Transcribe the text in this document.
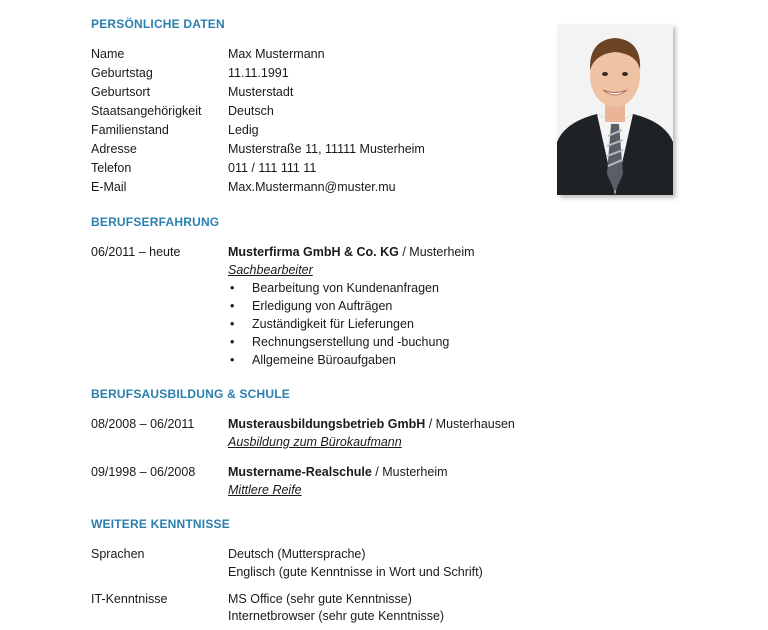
PERSÖNLICHE DATEN
Name	Max Mustermann
Geburtstag	11.11.1991
Geburtsort	Musterstadt
Staatsangehörigkeit Deutsch
Familienstand	Ledig
Adresse	Musterstraße 11, 11111 Musterheim
Telefon	011 / 111 111 11
E-Mail	Max.Mustermann@muster.mu
BERUFSERFAHRUNG
06/2011 – heute	Musterfirma GmbH & Co. KG / Musterheim
Sachbearbeiter
• Bearbeitung von Kundenanfragen
• Erledigung von Aufträgen
• Zuständigkeit für Lieferungen
• Rechnungserstellung und -buchung
• Allgemeine Büroaufgaben
BERUFSAUSBILDUNG & SCHULE
08/2008 – 06/2011	Musterausbildungsbetrieb GmbH / Musterhausen
Ausbildung zum Bürokaufmann
09/1998 – 06/2008	Mustername-Realschule / Musterheim
Mittlere Reife
WEITERE KENNTNISSE
Sprachen	Deutsch (Muttersprache)
Englisch (gute Kenntnisse in Wort und Schrift)
IT-Kenntnisse	MS Office (sehr gute Kenntnisse)
Internetbrowser (sehr gute Kenntnisse)
